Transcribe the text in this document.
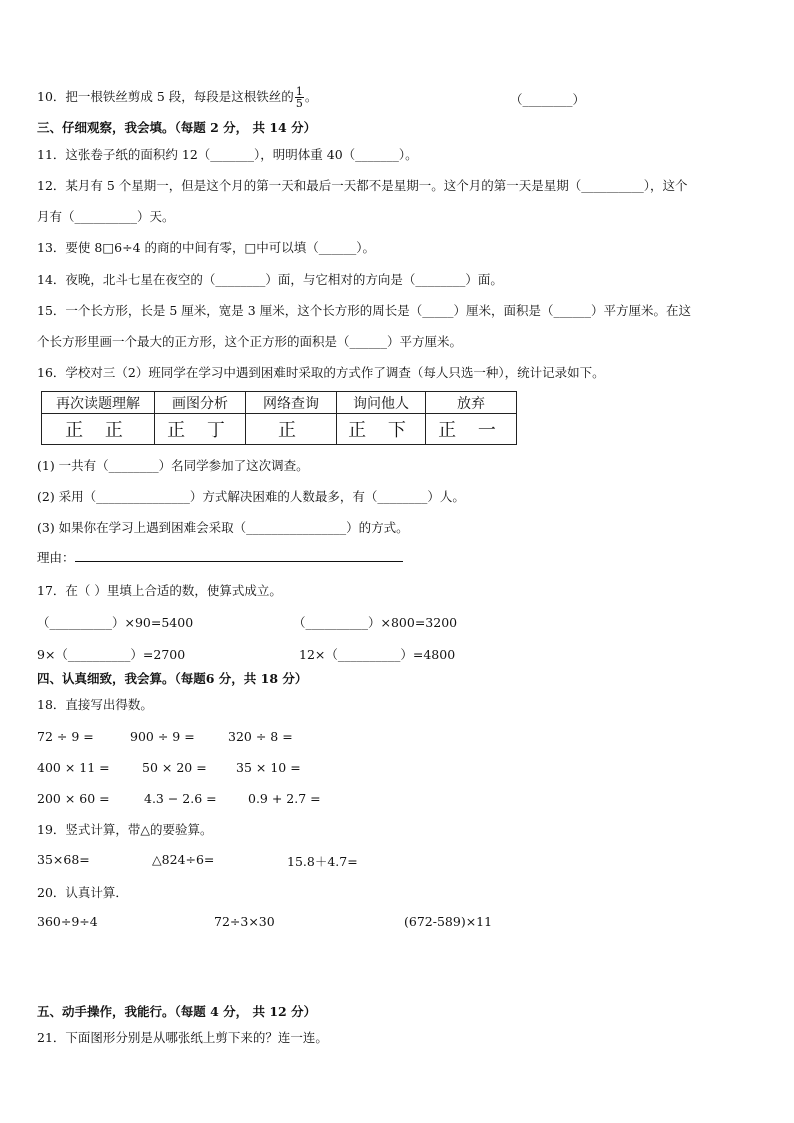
10．把一根铁丝剪成 5 段，每段是这根铁丝的 $\frac{1}{5}$ 。	（________）
三、仔细观察，我会填。（每题 2 分， 共 14 分）
11．这张卷子纸的面积约 12（_______），明明体重 40（_______）。
12．某月有 5 个星期一，但是这个月的第一天和最后一天都不是星期一。这个月的第一天是星期（__________），这个
月有（__________）天。
13．要使 8□6÷4 的商的中间有零，□中可以填（______）。
14．夜晚，北斗七星在夜空的（________）面，与它相对的方向是（________）面。
15．一个长方形，长是 5 厘米，宽是 3 厘米，这个长方形的周长是（_____）厘米，面积是（______）平方厘米。在这
个长方形里画一个最大的正方形，这个正方形的面积是（______）平方厘米。
16．学校对三（2）班同学在学习中遇到困难时采取的方式作了调查（每人只选一种），统计记录如下。
再次读题理解	画图分析	网络查询	询问他人	放弃
正 正	正 丁	正	正 下	正 一
(1) 一共有（________）名同学参加了这次调查。
(2) 采用（_______________）方式解决困难的人数最多，有（________）人。
(3) 如果你在学习上遇到困难会采取（________________）的方式。
理由：
17．在（ ）里填上合适的数，使算式成立。
（__________）×90=5400	（__________）×800=3200
9×（__________）=2700	12×（__________）=4800
四、认真细致，我会算。（每题6 分，共 18 分）
18．直接写出得数。
72 ÷ 9 =	900 ÷ 9 =	320 ÷ 8 =
400 × 11 =	50 × 20 = 35 × 10 =
200 × 60 =	4.3 − 2.6 =	0.9 + 2.7 =
19．竖式计算，带△的要验算。
35×68=	△824÷6=	15.8＋4.7=
20．认真计算．
360÷9÷4	72÷3×30	(672-589)×11
五、动手操作，我能行。（每题 4 分， 共 12 分）
21．下面图形分别是从哪张纸上剪下来的？连一连。
